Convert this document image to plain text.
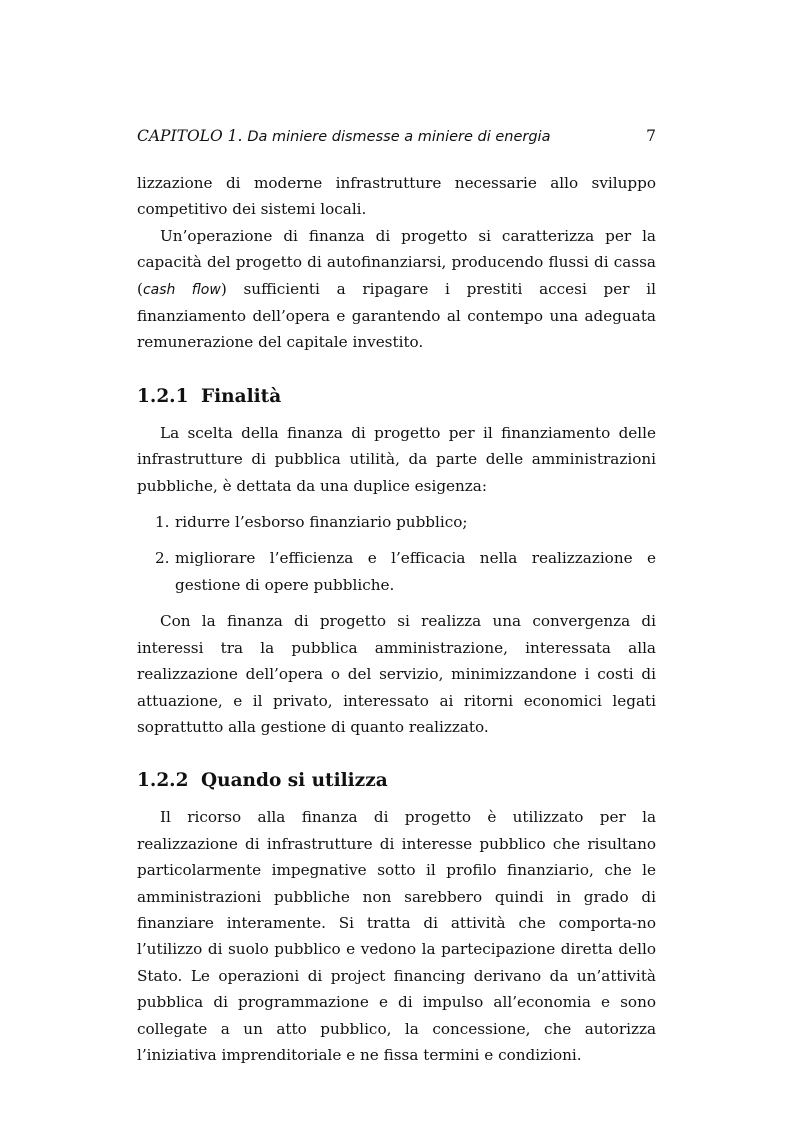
CAPITOLO 1. Da miniere dismesse a miniere di energia	7

lizzazione di moderne infrastrutture necessarie allo sviluppo competitivo dei sistemi locali.

Un’operazione di finanza di progetto si caratterizza per la capacità del progetto di autofinanziarsi, producendo flussi di cassa (cash flow) sufficienti a ripagare i prestiti accesi per il finanziamento dell’opera e garantendo al contempo una adeguata remunerazione del capitale investito.

1.2.1 Finalità

La scelta della finanza di progetto per il finanziamento delle infrastrutture di pubblica utilità, da parte delle amministrazioni pubbliche, è dettata da una duplice esigenza:

1. ridurre l’esborso finanziario pubblico;
2. migliorare l’efficienza e l’efficacia nella realizzazione e gestione di opere pubbliche.

Con la finanza di progetto si realizza una convergenza di interessi tra la pubblica amministrazione, interessata alla realizzazione dell’opera o del servizio, minimizzandone i costi di attuazione, e il privato, interessato ai ritorni economici legati soprattutto alla gestione di quanto realizzato.

1.2.2 Quando si utilizza

Il ricorso alla finanza di progetto è utilizzato per la realizzazione di infrastrutture di interesse pubblico che risultano particolarmente impegnative sotto il profilo finanziario, che le amministrazioni pubbliche non sarebbero quindi in grado di finanziare interamente. Si tratta di attività che comporta-no l’utilizzo di suolo pubblico e vedono la partecipazione diretta dello Stato. Le operazioni di project financing derivano da un’attività pubblica di programmazione e di impulso all’economia e sono collegate a un atto pubblico, la concessione, che autorizza l’iniziativa imprenditoriale e ne fissa termini e condizioni.
